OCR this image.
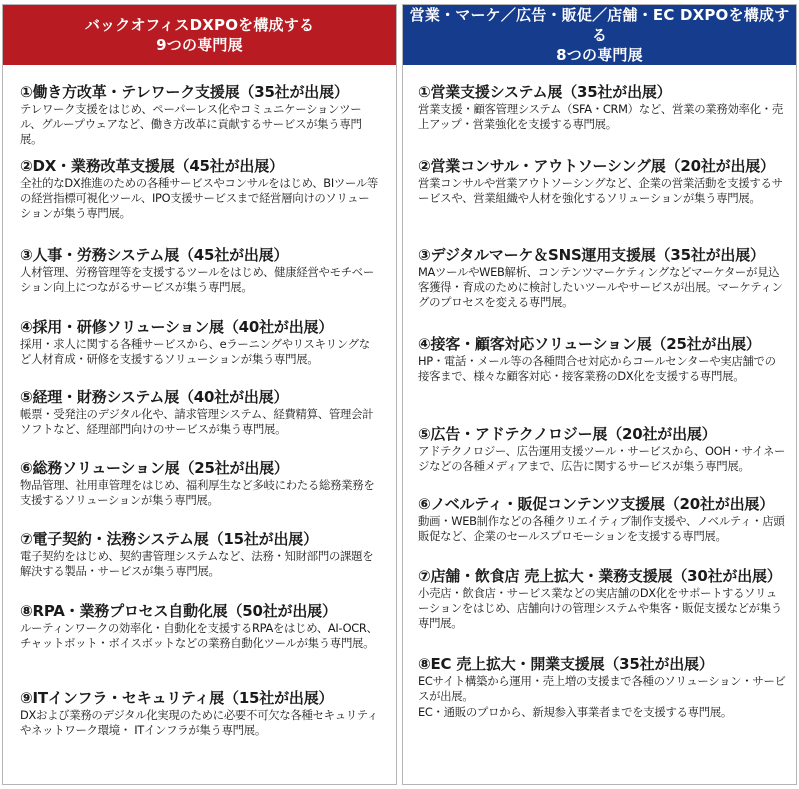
バックオフィスDXPOを構成する
9つの専門展
①働き方改革・テレワーク支援展（35社が出展）
テレワーク支援をはじめ、ペーパーレス化やコミュニケーションツール、グループウェアなど、働き方改革に貢献するサービスが集う専門展。
②DX・業務改革支援展（45社が出展）
全社的なDX推進のための各種サービスやコンサルをはじめ、BIツール等の経営指標可視化ツール、IPO支援サービスまで経営層向けのソリューションが集う専門展。
③人事・労務システム展（45社が出展）
人材管理、労務管理等を支援するツールをはじめ、健康経営やモチベーション向上につながるサービスが集う専門展。
④採用・研修ソリューション展（40社が出展）
採用・求人に関する各種サービスから、eラーニングやリスキリングなど人材育成・研修を支援するソリューションが集う専門展。
⑤経理・財務システム展（40社が出展）
帳票・受発注のデジタル化や、請求管理システム、経費精算、管理会計ソフトなど、経理部門向けのサービスが集う専門展。
⑥総務ソリューション展（25社が出展）
物品管理、社用車管理をはじめ、福利厚生など多岐にわたる総務業務を支援するソリューションが集う専門展。
⑦電子契約・法務システム展（15社が出展）
電子契約をはじめ、契約書管理システムなど、法務・知財部門の課題を解決する製品・サービスが集う専門展。
⑧RPA・業務プロセス自動化展（50社が出展）
ルーティンワークの効率化・自動化を支援するRPAをはじめ、AI-OCR、チャットボット・ボイスボットなどの業務自動化ツールが集う専門展。
⑨ITインフラ・セキュリティ展（15社が出展）
DXおよび業務のデジタル化実現のために必要不可欠な各種セキュリティやネットワーク環境・ ITインフラが集う専門展。
営業・マーケ／広告・販促／店舗・EC DXPOを構成する
8つの専門展
①営業支援システム展（35社が出展）
営業支援・顧客管理システム（SFA・CRM）など、営業の業務効率化・売上アップ・営業強化を支援する専門展。
②営業コンサル・アウトソーシング展（20社が出展）
営業コンサルや営業アウトソーシングなど、企業の営業活動を支援するサービスや、営業組織や人材を強化するソリューションが集う専門展。
③デジタルマーケ＆SNS運用支援展（35社が出展）
MAツールやWEB解析、コンテンツマーケティングなどマーケターが見込客獲得・育成のために検討したいツールやサービスが出展。マーケティングのプロセスを変える専門展。
④接客・顧客対応ソリューション展（25社が出展）
HP・電話・メール等の各種問合せ対応からコールセンターや実店舗での接客まで、様々な顧客対応・接客業務のDX化を支援する専門展。
⑤広告・アドテクノロジー展（20社が出展）
アドテクノロジー、広告運用支援ツール・サービスから、OOH・サイネージなどの各種メディアまで、広告に関するサービスが集う専門展。
⑥ノベルティ・販促コンテンツ支援展（20社が出展）
動画・WEB制作などの各種クリエイティブ制作支援や、ノベルティ・店頭販促など、企業のセールスプロモーションを支援する専門展。
⑦店舗・飲食店 売上拡大・業務支援展（30社が出展）
小売店・飲食店・サービス業などの実店舗のDX化をサポートするソリューションをはじめ、店舗向けの管理システムや集客・販促支援などが集う専門展。
⑧EC 売上拡大・開業支援展（35社が出展）
ECサイト構築から運用・売上増の支援まで各種のソリューション・サービスが出展。
EC・通販のプロから、新規参入事業者までを支援する専門展。
